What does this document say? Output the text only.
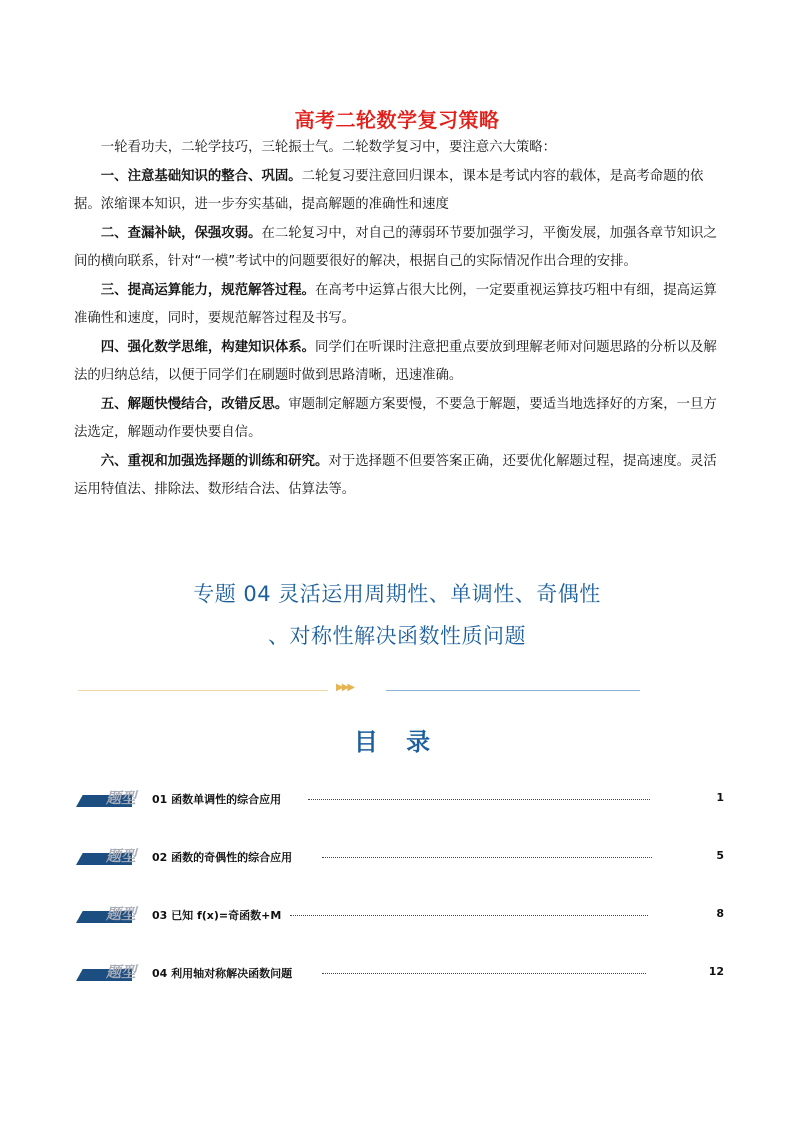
高考二轮数学复习策略

一轮看功夫，二轮学技巧，三轮振士气。二轮数学复习中，要注意六大策略：

一、注意基础知识的整合、巩固。二轮复习要注意回归课本，课本是考试内容的载体，是高考命题的依据。浓缩课本知识，进一步夯实基础，提高解题的准确性和速度

二、查漏补缺，保强攻弱。在二轮复习中，对自己的薄弱环节要加强学习，平衡发展，加强各章节知识之间的横向联系，针对“一模”考试中的问题要很好的解决，根据自己的实际情况作出合理的安排。

三、提高运算能力，规范解答过程。在高考中运算占很大比例，一定要重视运算技巧粗中有细，提高运算准确性和速度，同时，要规范解答过程及书写。

四、强化数学思维，构建知识体系。同学们在听课时注意把重点要放到理解老师对问题思路的分析以及解法的归纳总结，以便于同学们在刷题时做到思路清晰，迅速准确。

五、解题快慢结合，改错反思。审题制定解题方案要慢，不要急于解题，要适当地选择好的方案，一旦方法选定，解题动作要快要自信。

六、重视和加强选择题的训练和研究。对于选择题不但要答案正确，还要优化解题过程，提高速度。灵活运用特值法、排除法、数形结合法、估算法等。

专题 04 灵活运用周期性、单调性、奇偶性
、对称性解决函数性质问题
▶▶▶
目 录
题型 01 函数单调性的综合应用	1
题型 02 函数的奇偶性的综合应用	5
题型 03 已知 f(x)=奇函数+M	8
题型 04 利用轴对称解决函数问题	12
